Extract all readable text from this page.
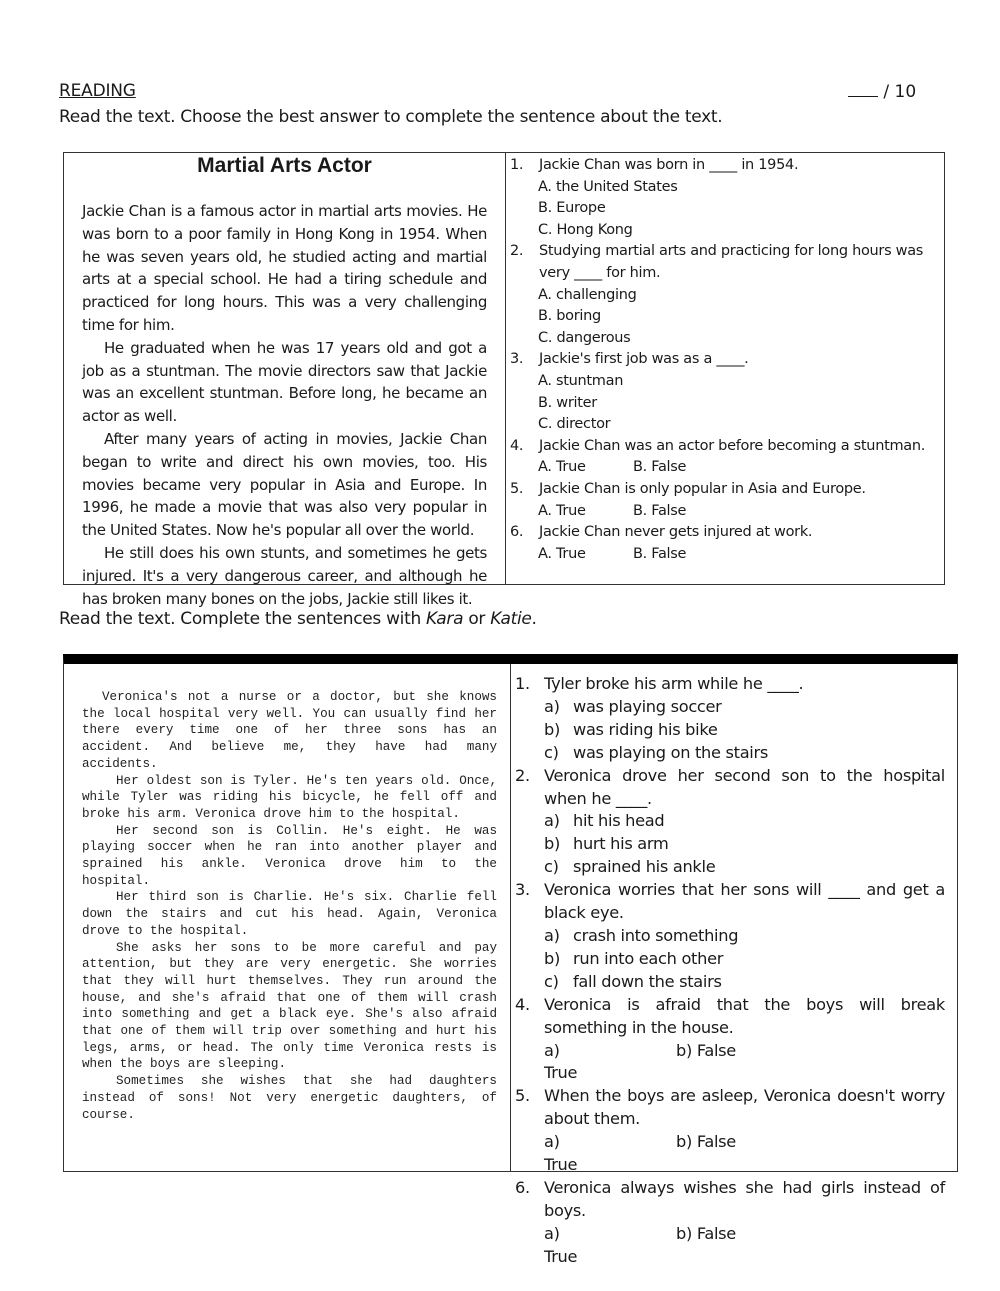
READING	/ 10
Read the text. Choose the best answer to complete the sentence about the text.
Martial Arts Actor

Jackie Chan is a famous actor in martial arts movies. He was born to a poor family in Hong Kong in 1954. When he was seven years old, he studied acting and martial arts at a special school. He had a tiring schedule and practiced for long hours. This was a very challenging time for him.

He graduated when he was 17 years old and got a job as a stuntman. The movie directors saw that Jackie was an excellent stuntman. Before long, he became an actor as well.

After many years of acting in movies, Jackie Chan began to write and direct his own movies, too. His movies became very popular in Asia and Europe. In 1996, he made a movie that was also very popular in the United States. Now he's popular all over the world.

He still does his own stunts, and sometimes he gets injured. It's a very dangerous career, and although he has broken many bones on the jobs, Jackie still likes it.

1.	Jackie Chan was born in ____ in 1954.
A. the United States
B. Europe
C. Hong Kong
2.	Studying martial arts and practicing for long hours was very ____ for him.
A. challenging
B. boring
C. dangerous
3.	Jackie's first job was as a ____.
A. stuntman
B. writer
C. director
4.	Jackie Chan was an actor before becoming a stuntman.
A. True	B. False
5.	Jackie Chan is only popular in Asia and Europe.
A. True	B. False
6.	Jackie Chan never gets injured at work.
A. True	B. False
Read the text. Complete the sentences with Kara or Katie.

Veronica's not a nurse or a doctor, but she knows the local hospital very well. You can usually find her there every time one of her three sons has an accident. And believe me, they have had many accidents.

Her oldest son is Tyler. He's ten years old. Once, while Tyler was riding his bicycle, he fell off and broke his arm. Veronica drove him to the hospital.

Her second son is Collin. He's eight. He was playing soccer when he ran into another player and sprained his ankle. Veronica drove him to the hospital.

Her third son is Charlie. He's six. Charlie fell down the stairs and cut his head. Again, Veronica drove to the hospital.

She asks her sons to be more careful and pay attention, but they are very energetic. She worries that they will hurt themselves. They run around the house, and she's afraid that one of them will crash into something and get a black eye. She's also afraid that one of them will trip over something and hurt his legs, arms, or head. The only time Veronica rests is when the boys are sleeping.

Sometimes she wishes that she had daughters instead of sons! Not very energetic daughters, of course.

1. Tyler broke his arm while he ____.
a) was playing soccer
b) was riding his bike
c) was playing on the stairs
2. Veronica drove her second son to the hospital when he ____.
a) hit his head
b) hurt his arm
c) sprained his ankle
3. Veronica worries that her sons will ____ and get a black eye.
a) crash into something
b) run into each other
c) fall down the stairs
4. Veronica is afraid that the boys will break something in the house.
a)True
b) False
5. When the boys are asleep, Veronica doesn't worry about them.
a)True
b) False
6. Veronica always wishes she had girls instead of boys.
a)True
b) False
